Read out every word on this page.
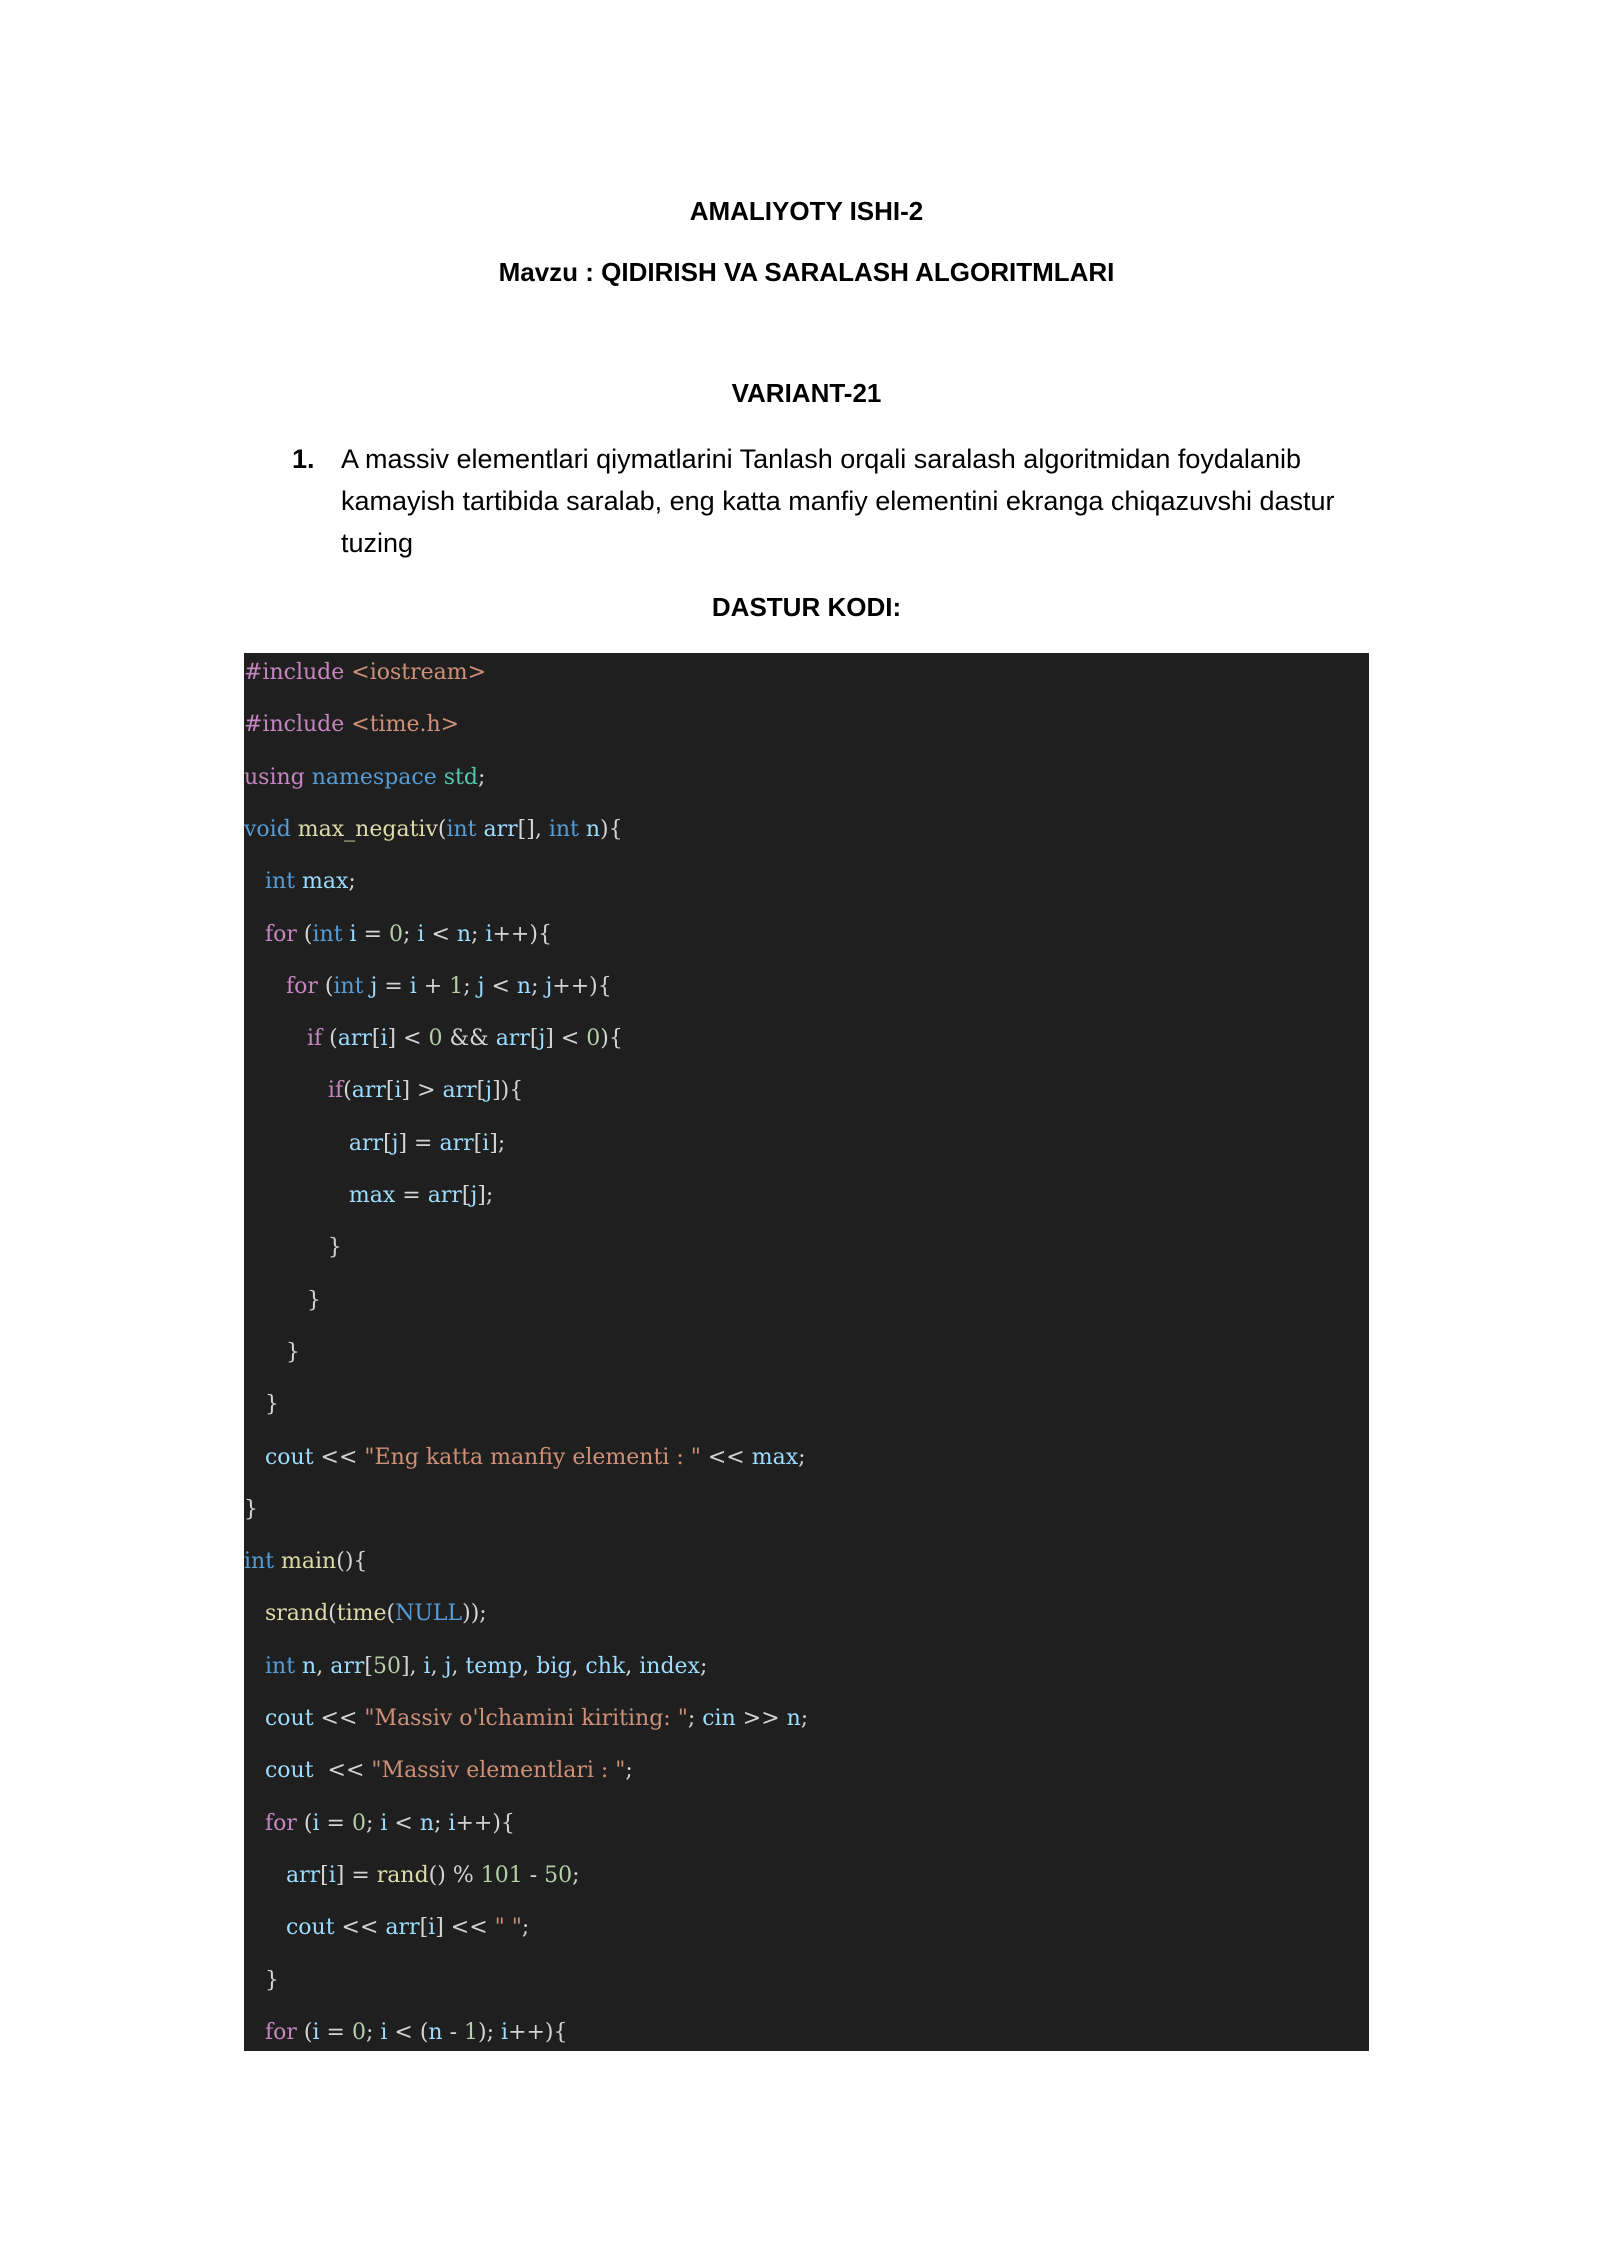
AMALIYOTY ISHI-2
Mavzu : QIDIRISH VA SARALASH ALGORITMLARI
VARIANT-21
1. A massiv elementlari qiymatlarini Tanlash orqali saralash algoritmidan foydalanib kamayish tartibida saralab, eng katta manfiy elementini ekranga chiqazuvshi dastur tuzing
DASTUR KODI:
#include <iostream>
#include <time.h>
using namespace std;
void max_negativ(int arr[], int n){
int max;
for (int i = 0; i < n; i++){
for (int j = i + 1; j < n; j++){
if (arr[i] < 0 && arr[j] < 0){
if(arr[i] > arr[j]){
arr[j] = arr[i];
max = arr[j];
}
}
}
}
cout << "Eng katta manfiy elementi : " << max;
}
int main(){
srand(time(NULL));
int n, arr[50], i, j, temp, big, chk, index;
cout << "Massiv o'lchamini kiriting: "; cin >> n;
cout  << "Massiv elementlari : ";
for (i = 0; i < n; i++){
arr[i] = rand() % 101 - 50;
cout << arr[i] << " ";
}
for (i = 0; i < (n - 1); i++){
